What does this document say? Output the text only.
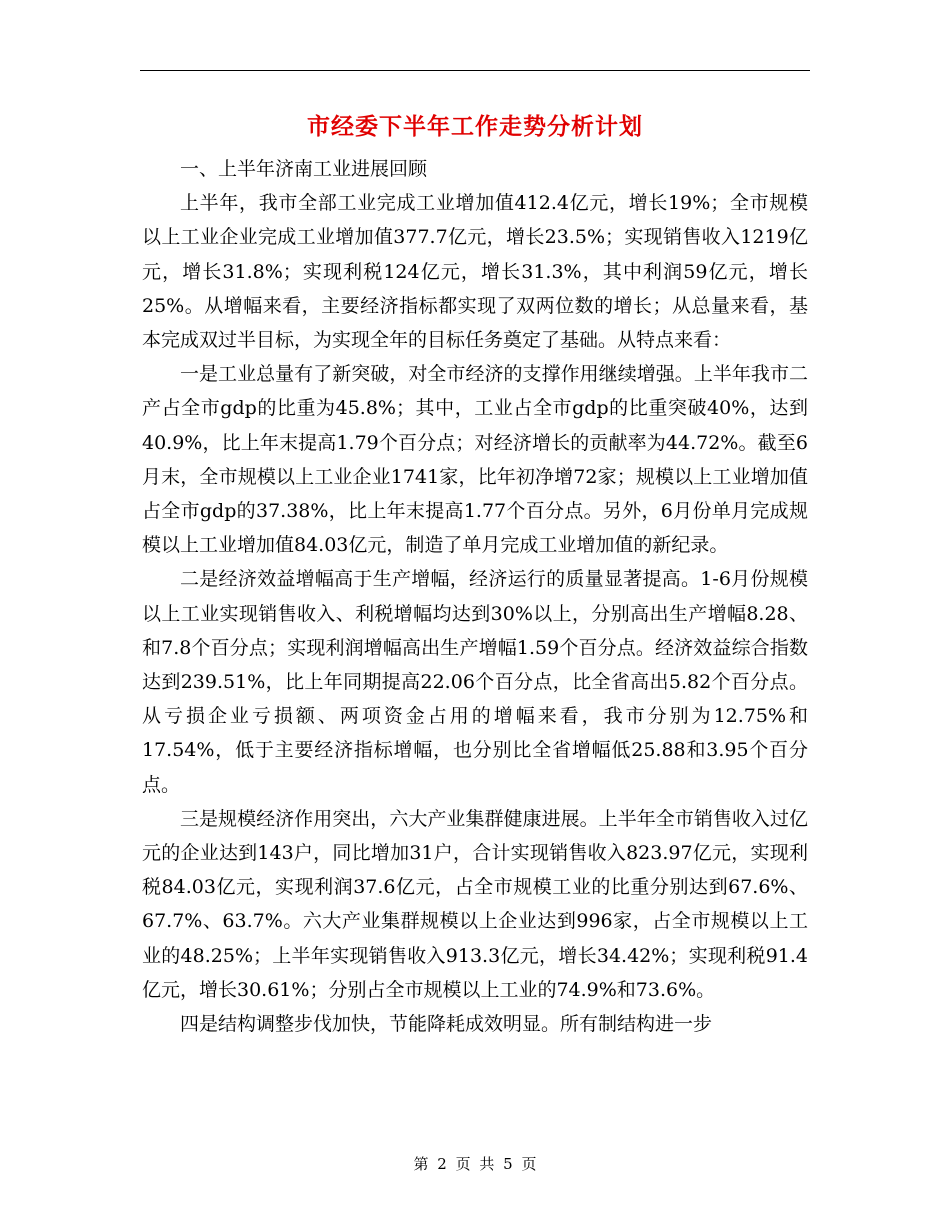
市经委下半年工作走势分析计划

一、上半年济南工业进展回顾

上半年，我市全部工业完成工业增加值412.4亿元，增长19%；全市规模以上工业企业完成工业增加值377.7亿元，增长23.5%；实现销售收入1219亿元，增长31.8%；实现利税124亿元，增长31.3%，其中利润59亿元，增长25%。从增幅来看，主要经济指标都实现了双两位数的增长；从总量来看，基本完成双过半目标，为实现全年的目标任务奠定了基础。从特点来看：

一是工业总量有了新突破，对全市经济的支撑作用继续增强。上半年我市二产占全市gdp的比重为45.8%；其中，工业占全市gdp的比重突破40%，达到40.9%，比上年末提高1.79个百分点；对经济增长的贡献率为44.72%。截至6月末，全市规模以上工业企业1741家，比年初净增72家；规模以上工业增加值占全市gdp的37.38%，比上年末提高1.77个百分点。另外，6月份单月完成规模以上工业增加值84.03亿元，制造了单月完成工业增加值的新纪录。

二是经济效益增幅高于生产增幅，经济运行的质量显著提高。1-6月份规模以上工业实现销售收入、利税增幅均达到30%以上，分别高出生产增幅8.28、和7.8个百分点；实现利润增幅高出生产增幅1.59个百分点。经济效益综合指数达到239.51%，比上年同期提高22.06个百分点，比全省高出5.82个百分点。从亏损企业亏损额、两项资金占用的增幅来看，我市分别为12.75%和17.54%，低于主要经济指标增幅，也分别比全省增幅低25.88和3.95个百分点。

三是规模经济作用突出，六大产业集群健康进展。上半年全市销售收入过亿元的企业达到143户，同比增加31户，合计实现销售收入823.97亿元，实现利税84.03亿元，实现利润37.6亿元，占全市规模工业的比重分别达到67.6%、67.7%、63.7%。六大产业集群规模以上企业达到996家，占全市规模以上工业的48.25%；上半年实现销售收入913.3亿元，增长34.42%；实现利税91.4亿元，增长30.61%；分别占全市规模以上工业的74.9%和73.6%。

四是结构调整步伐加快，节能降耗成效明显。所有制结构进一步

第 2 页 共 5 页
